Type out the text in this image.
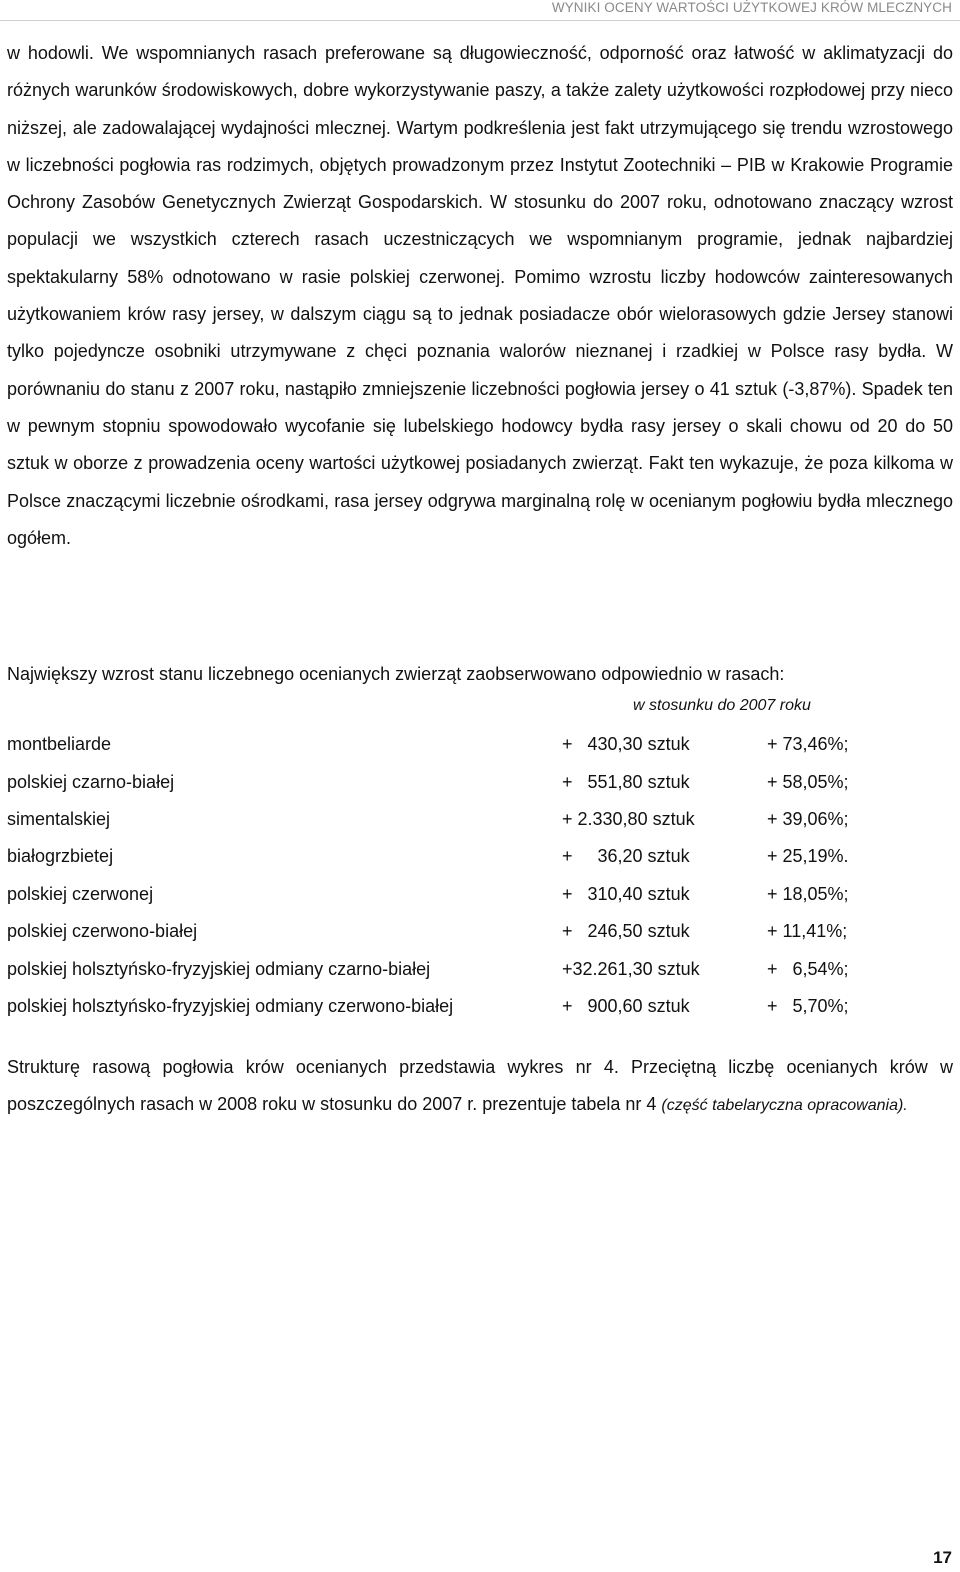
WYNIKI OCENY WARTOŚCI UŻYTKOWEJ KRÓW MLECZNYCH

w hodowli. We wspomnianych rasach preferowane są długowieczność, odporność oraz łatwość w aklimatyzacji do różnych warunków środowiskowych, dobre wykorzystywanie paszy, a także zalety użytkowości rozpłodowej przy nieco niższej, ale zadowalającej wydajności mlecznej. Wartym podkreślenia jest fakt utrzymującego się trendu wzrostowego w liczebności pogłowia ras rodzimych, objętych prowadzonym przez Instytut Zootechniki – PIB w Krakowie Programie Ochrony Zasobów Genetycznych Zwierząt Gospodarskich. W stosunku do 2007 roku, odnotowano znaczący wzrost populacji we wszystkich czterech rasach uczestniczących we wspomnianym programie, jednak najbardziej spektakularny 58% odnotowano w rasie polskiej czerwonej. Pomimo wzrostu liczby hodowców zainteresowanych użytkowaniem krów rasy jersey, w dalszym ciągu są to jednak posiadacze obór wielorasowych gdzie Jersey stanowi tylko pojedyncze osobniki utrzymywane z chęci poznania walorów nieznanej i rzadkiej w Polsce rasy bydła. W porównaniu do stanu z 2007 roku, nastąpiło zmniejszenie liczebności pogłowia jersey o 41 sztuk (-3,87%). Spadek ten w pewnym stopniu spowodowało wycofanie się lubelskiego hodowcy bydła rasy jersey o skali chowu od 20 do 50 sztuk w oborze z prowadzenia oceny wartości użytkowej posiadanych zwierząt. Fakt ten wykazuje, że poza kilkoma w Polsce znaczącymi liczebnie ośrodkami, rasa jersey odgrywa marginalną rolę w ocenianym pogłowiu bydła mlecznego ogółem.

Największy wzrost stanu liczebnego ocenianych zwierząt zaobserwowano odpowiednio w rasach:

w stosunku do 2007 roku
montbeliarde	+   430,30 sztuk	+ 73,46%;
polskiej czarno-białej	+   551,80 sztuk	+ 58,05%;
simentalskiej	+ 2.330,80 sztuk	+ 39,06%;
białogrzbietej	+     36,20 sztuk	+ 25,19%.
polskiej czerwonej	+   310,40 sztuk	+ 18,05%;
polskiej czerwono-białej	+   246,50 sztuk	+ 11,41%;
polskiej holsztyńsko-fryzyjskiej odmiany czarno-białej	+32.261,30 sztuk	+   6,54%;
polskiej holsztyńsko-fryzyjskiej odmiany czerwono-białej	+   900,60 sztuk	+   5,70%;

Strukturę rasową pogłowia krów ocenianych przedstawia wykres nr 4. Przeciętną liczbę ocenianych krów w poszczególnych rasach w 2008 roku w stosunku do 2007 r. prezentuje tabela nr 4 (część tabelaryczna opracowania).

17
